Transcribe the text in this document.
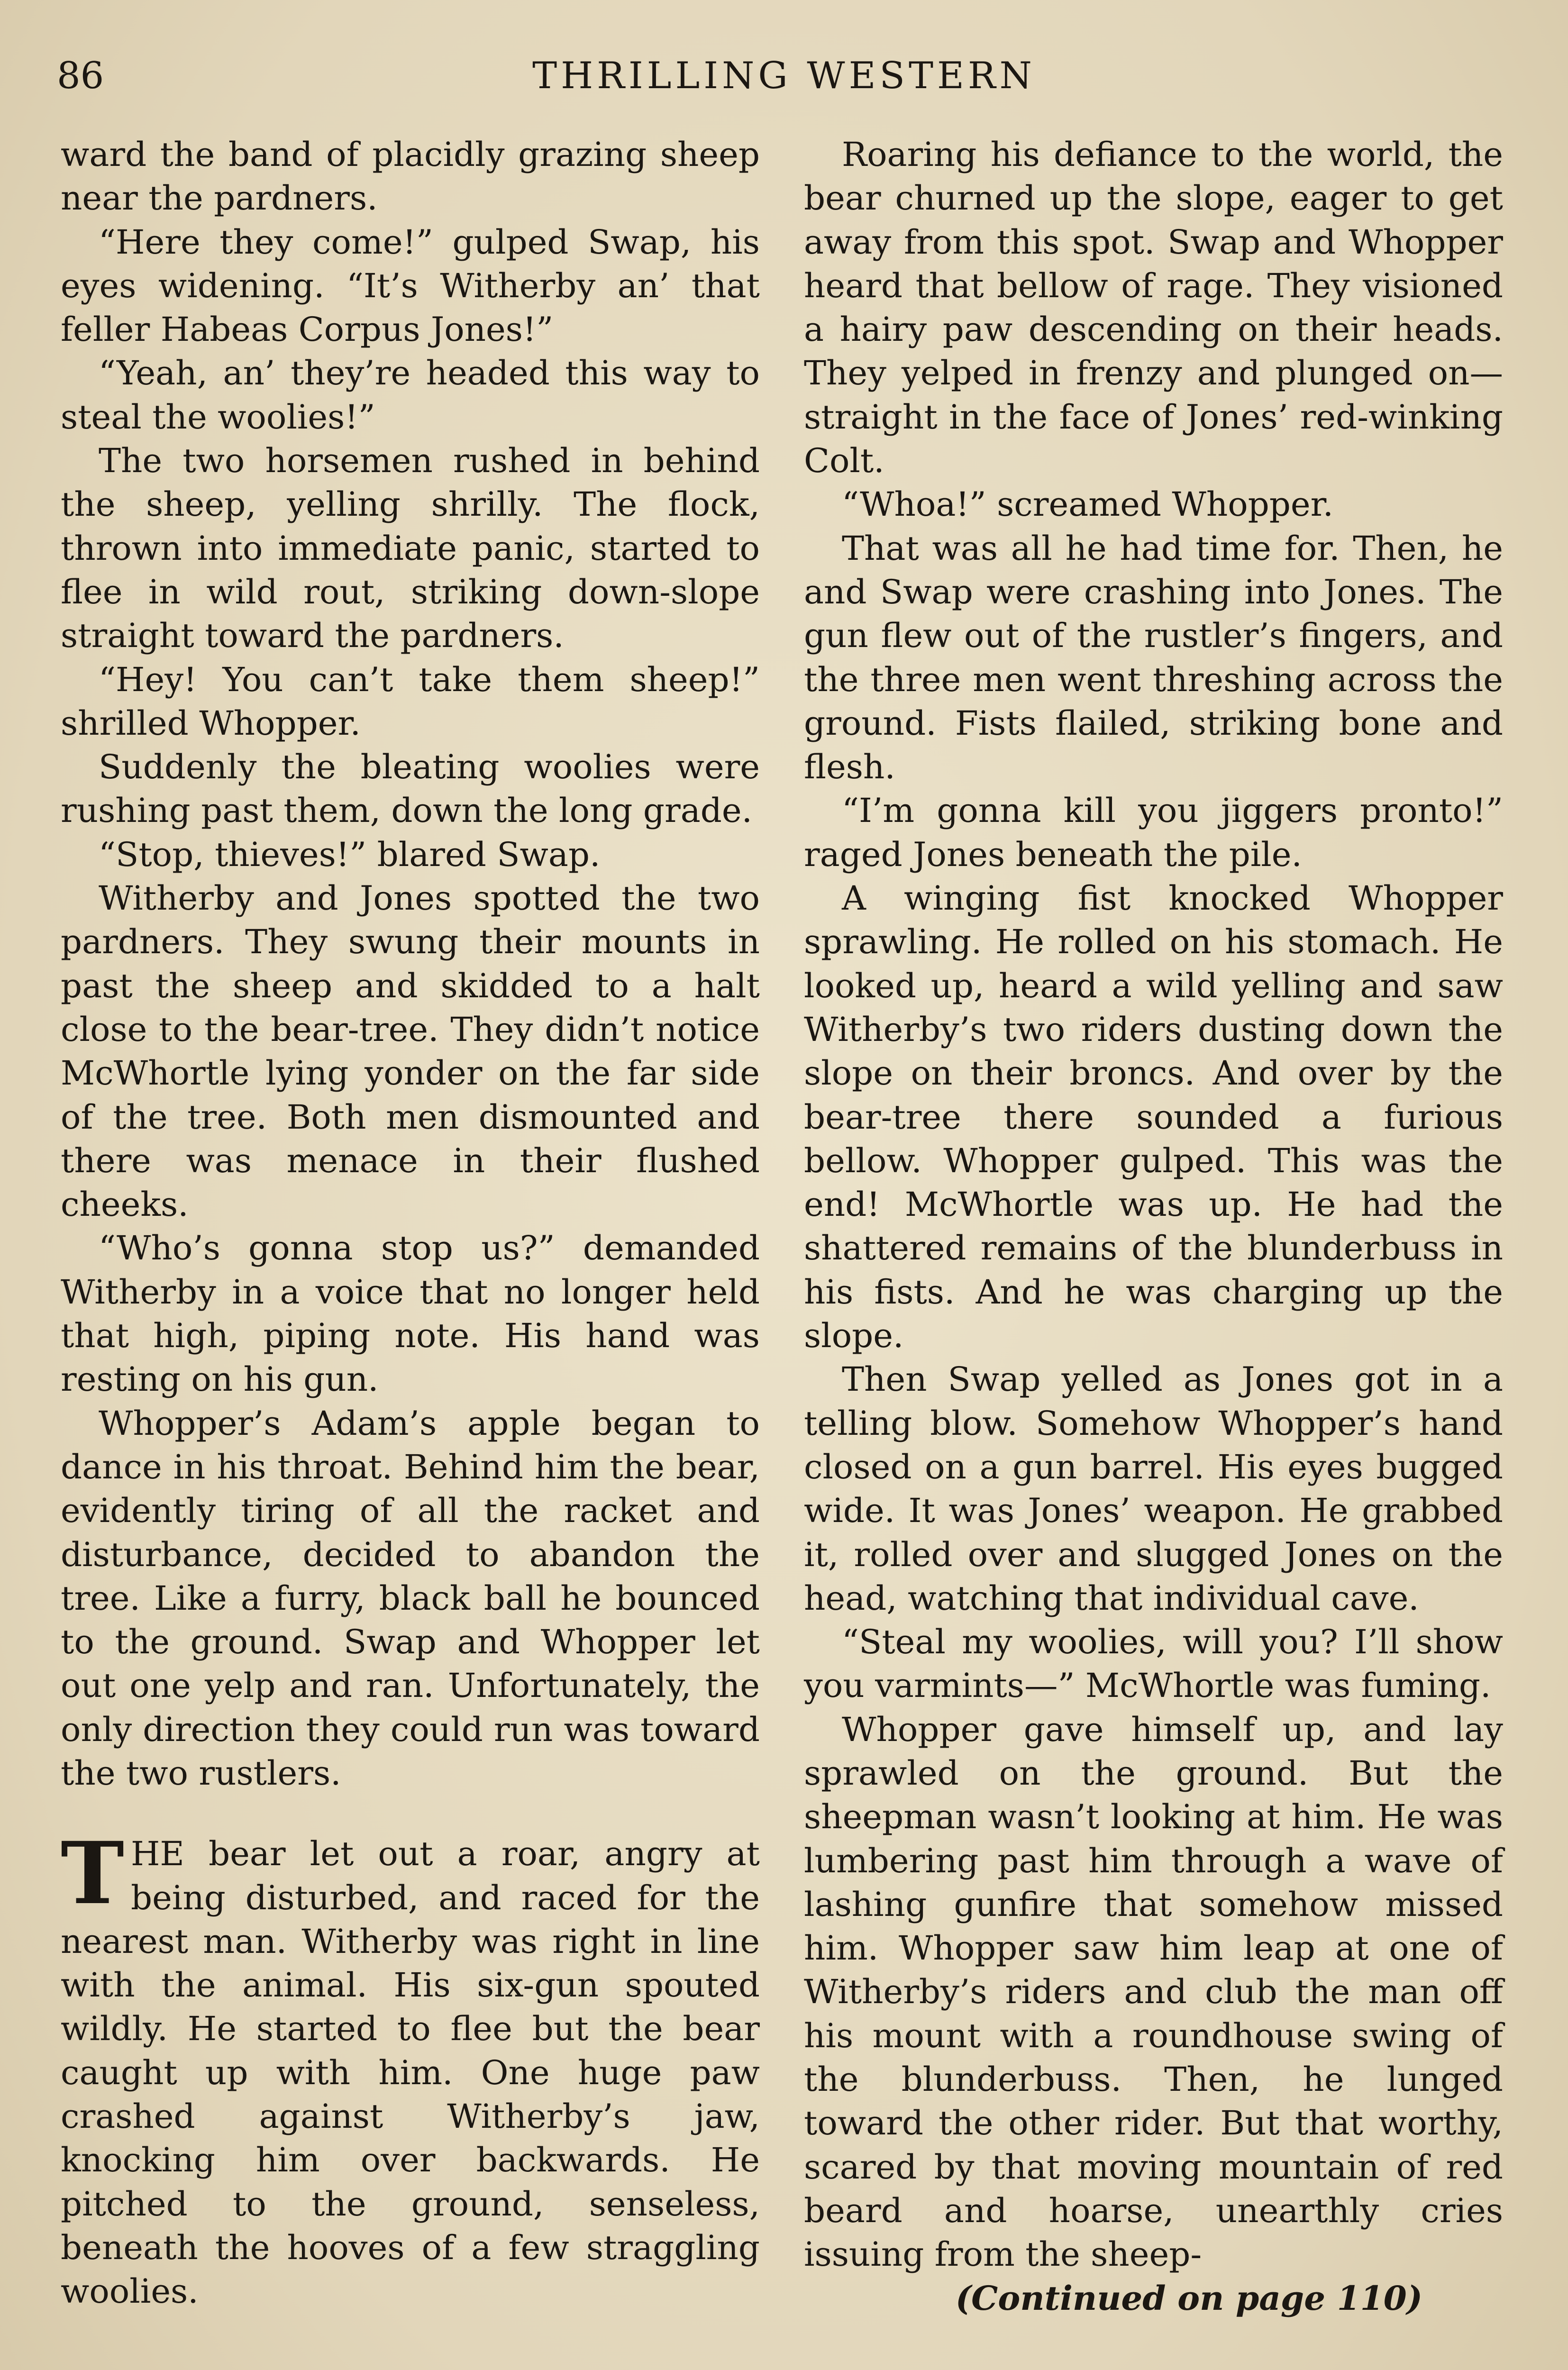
86	THRILLING WESTERN

ward the band of placidly grazing sheep near the pardners.

“Here they come!” gulped Swap, his eyes widening. “It’s Witherby an’ that feller Habeas Corpus Jones!”

“Yeah, an’ they’re headed this way to steal the woolies!”

The two horsemen rushed in behind the sheep, yelling shrilly. The flock, thrown into immediate panic, started to flee in wild rout, striking down-slope straight toward the pardners.

“Hey! You can’t take them sheep!” shrilled Whopper.

Suddenly the bleating woolies were rushing past them, down the long grade.

“Stop, thieves!” blared Swap.

Witherby and Jones spotted the two pardners. They swung their mounts in past the sheep and skidded to a halt close to the bear-tree. They didn’t notice McWhortle lying yonder on the far side of the tree. Both men dismounted and there was menace in their flushed cheeks.

“Who’s gonna stop us?” demanded Witherby in a voice that no longer held that high, piping note. His hand was resting on his gun.

Whopper’s Adam’s apple began to dance in his throat. Behind him the bear, evidently tiring of all the racket and disturbance, decided to abandon the tree. Like a furry, black ball he bounced to the ground. Swap and Whopper let out one yelp and ran. Unfortunately, the only direction they could run was toward the two rustlers.

THE bear let out a roar, angry at being disturbed, and raced for the nearest man. Witherby was right in line with the animal. His six-gun spouted wildly. He started to flee but the bear caught up with him. One huge paw crashed against Witherby’s jaw, knocking him over backwards. He pitched to the ground, senseless, beneath the hooves of a few straggling woolies.

Roaring his defiance to the world, the bear churned up the slope, eager to get away from this spot. Swap and Whopper heard that bellow of rage. They visioned a hairy paw descending on their heads. They yelped in frenzy and plunged on—straight in the face of Jones’ red-winking Colt.

“Whoa!” screamed Whopper.

That was all he had time for. Then, he and Swap were crashing into Jones. The gun flew out of the rustler’s fingers, and the three men went threshing across the ground. Fists flailed, striking bone and flesh.

“I’m gonna kill you jiggers pronto!” raged Jones beneath the pile.

A winging fist knocked Whopper sprawling. He rolled on his stomach. He looked up, heard a wild yelling and saw Witherby’s two riders dusting down the slope on their broncs. And over by the bear-tree there sounded a furious bellow. Whopper gulped. This was the end! McWhortle was up. He had the shattered remains of the blunderbuss in his fists. And he was charging up the slope.

Then Swap yelled as Jones got in a telling blow. Somehow Whopper’s hand closed on a gun barrel. His eyes bugged wide. It was Jones’ weapon. He grabbed it, rolled over and slugged Jones on the head, watching that individual cave.

“Steal my woolies, will you? I’ll show you varmints—” McWhortle was fuming.

Whopper gave himself up, and lay sprawled on the ground. But the sheepman wasn’t looking at him. He was lumbering past him through a wave of lashing gunfire that somehow missed him. Whopper saw him leap at one of Witherby’s riders and club the man off his mount with a roundhouse swing of the blunderbuss. Then, he lunged toward the other rider. But that worthy, scared by that moving mountain of red beard and hoarse, unearthly cries issuing from the sheep-

(Continued on page 110)
